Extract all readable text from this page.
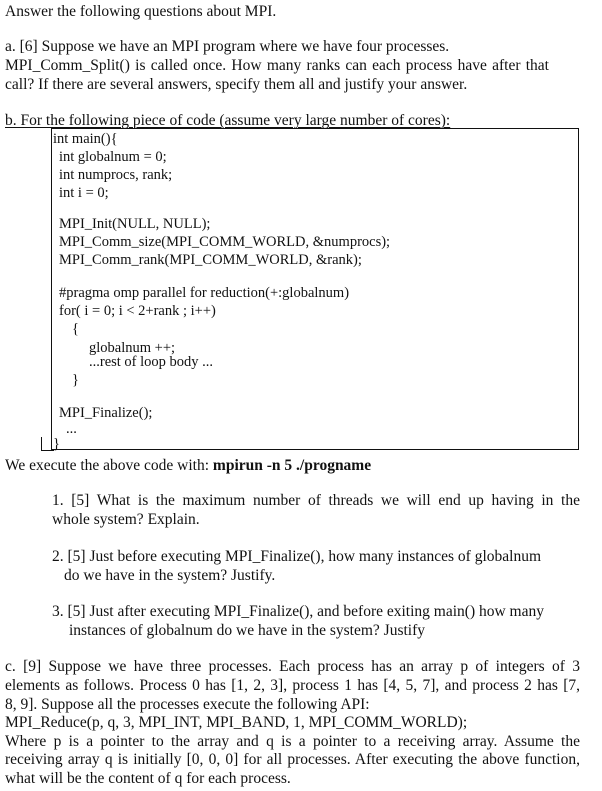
Answer the following questions about MPI.
a. [6] Suppose we have an MPI program where we have four processes.
MPI_Comm_Split() is called once. How many ranks can each process have after that
call? If there are several answers, specify them all and justify your answer.
b. For the following piece of code (assume very large number of cores):
int main(){
int globalnum = 0;
int numprocs, rank;
int i = 0;
MPI_Init(NULL, NULL);
MPI_Comm_size(MPI_COMM_WORLD, &numprocs);
MPI_Comm_rank(MPI_COMM_WORLD, &rank);
#pragma omp parallel for reduction(+:globalnum)
for( i = 0; i < 2+rank ; i++)
{
globalnum ++;
...rest of loop body ...
}
MPI_Finalize();
...
}
We execute the above code with: mpirun -n 5 ./progname
1. [5] What is the maximum number of threads we will end up having in the
whole system? Explain.
2. [5] Just before executing MPI_Finalize(), how many instances of globalnum
do we have in the system? Justify.
3. [5] Just after executing MPI_Finalize(), and before exiting main() how many
instances of globalnum do we have in the system? Justify
c. [9] Suppose we have three processes. Each process has an array p of integers of 3
elements as follows. Process 0 has [1, 2, 3], process 1 has [4, 5, 7], and process 2 has [7,
8, 9]. Suppose all the processes execute the following API:
MPI_Reduce(p, q, 3, MPI_INT, MPI_BAND, 1, MPI_COMM_WORLD);
Where p is a pointer to the array and q is a pointer to a receiving array. Assume the
receiving array q is initially [0, 0, 0] for all processes. After executing the above function,
what will be the content of q for each process.
